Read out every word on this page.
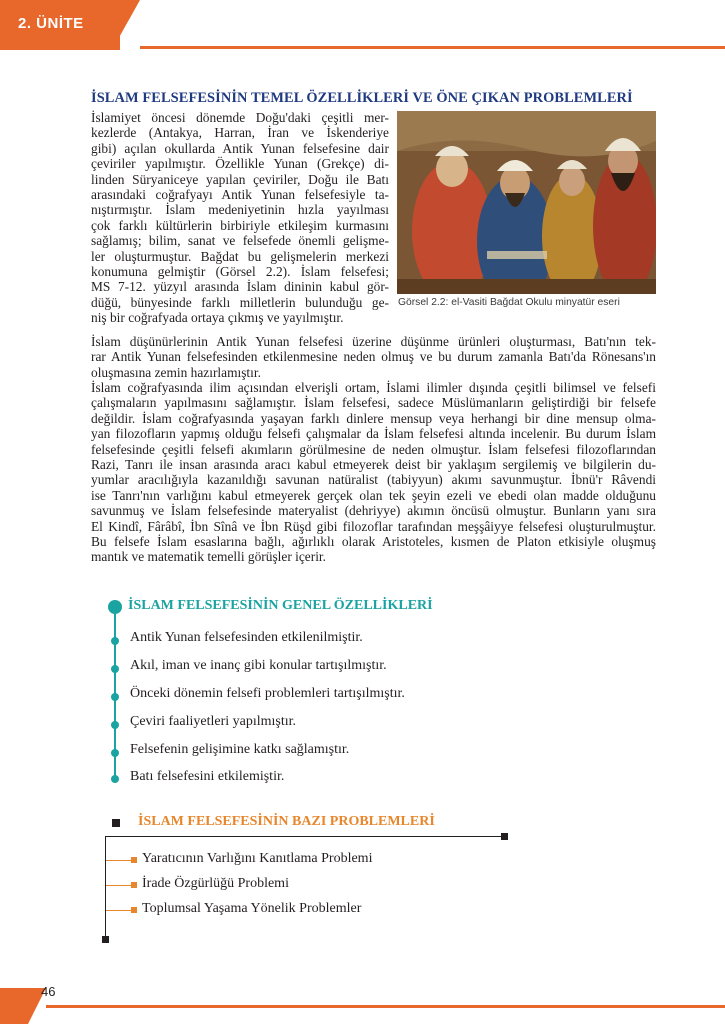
2. ÜNİTE
İSLAM FELSEFESİNİN TEMEL ÖZELLİKLERİ VE ÖNE ÇIKAN PROBLEMLERİ
İslamiyet öncesi dönemde Doğu'daki çeşitli mer-
kezlerde (Antakya, Harran, İran ve İskenderiye
gibi) açılan okullarda Antik Yunan felsefesine dair
çeviriler yapılmıştır. Özellikle Yunan (Grekçe) di-
linden Süryaniceye yapılan çeviriler, Doğu ile Batı
arasındaki coğrafyayı Antik Yunan felsefesiyle ta-
nıştırmıştır. İslam medeniyetinin hızla yayılması
çok farklı kültürlerin birbiriyle etkileşim kurmasını
sağlamış; bilim, sanat ve felsefede önemli gelişme-
ler oluşturmuştur. Bağdat bu gelişmelerin merkezi
konumuna gelmiştir (Görsel 2.2). İslam felsefesi;
MS 7-12. yüzyıl arasında İslam dininin kabul gör-
düğü, bünyesinde farklı milletlerin bulunduğu ge-
niş bir coğrafyada ortaya çıkmış ve yayılmıştır.
Görsel 2.2: el-Vasiti Bağdat Okulu minyatür eseri
İslam düşünürlerinin Antik Yunan felsefesi üzerine düşünme ürünleri oluşturması, Batı'nın tek-
rar Antik Yunan felsefesinden etkilenmesine neden olmuş ve bu durum zamanla Batı'da Rönesans'ın
oluşmasına zemin hazırlamıştır.
İslam coğrafyasında ilim açısından elverişli ortam, İslami ilimler dışında çeşitli bilimsel ve felsefi
çalışmaların yapılmasını sağlamıştır. İslam felsefesi, sadece Müslümanların geliştirdiği bir felsefe
değildir. İslam coğrafyasında yaşayan farklı dinlere mensup veya herhangi bir dine mensup olma-
yan filozofların yapmış olduğu felsefi çalışmalar da İslam felsefesi altında incelenir. Bu durum İslam
felsefesinde çeşitli felsefi akımların görülmesine de neden olmuştur. İslam felsefesi filozoflarından
Razi, Tanrı ile insan arasında aracı kabul etmeyerek deist bir yaklaşım sergilemiş ve bilgilerin du-
yumlar aracılığıyla kazanıldığı savunan natüralist (tabiyyun) akımı savunmuştur. İbnü'r Râvendi
ise Tanrı'nın varlığını kabul etmeyerek gerçek olan tek şeyin ezeli ve ebedi olan madde olduğunu
savunmuş ve İslam felsefesinde materyalist (dehriyye) akımın öncüsü olmuştur. Bunların yanı sıra
El Kindî, Fârâbî, İbn Sînâ ve İbn Rüşd gibi filozoflar tarafından meşşâiyye felsefesi oluşturulmuştur.
Bu felsefe İslam esaslarına bağlı, ağırlıklı olarak Aristoteles, kısmen de Platon etkisiyle oluşmuş
mantık ve matematik temelli görüşler içerir.
İSLAM FELSEFESİNİN GENEL ÖZELLİKLERİ
Antik Yunan felsefesinden etkilenilmiştir.
Akıl, iman ve inanç gibi konular tartışılmıştır.
Önceki dönemin felsefi problemleri tartışılmıştır.
Çeviri faaliyetleri yapılmıştır.
Felsefenin gelişimine katkı sağlamıştır.
Batı felsefesini etkilemiştir.
İSLAM FELSEFESİNİN BAZI PROBLEMLERİ
Yaratıcının Varlığını Kanıtlama Problemi
İrade Özgürlüğü Problemi
Toplumsal Yaşama Yönelik Problemler
46
